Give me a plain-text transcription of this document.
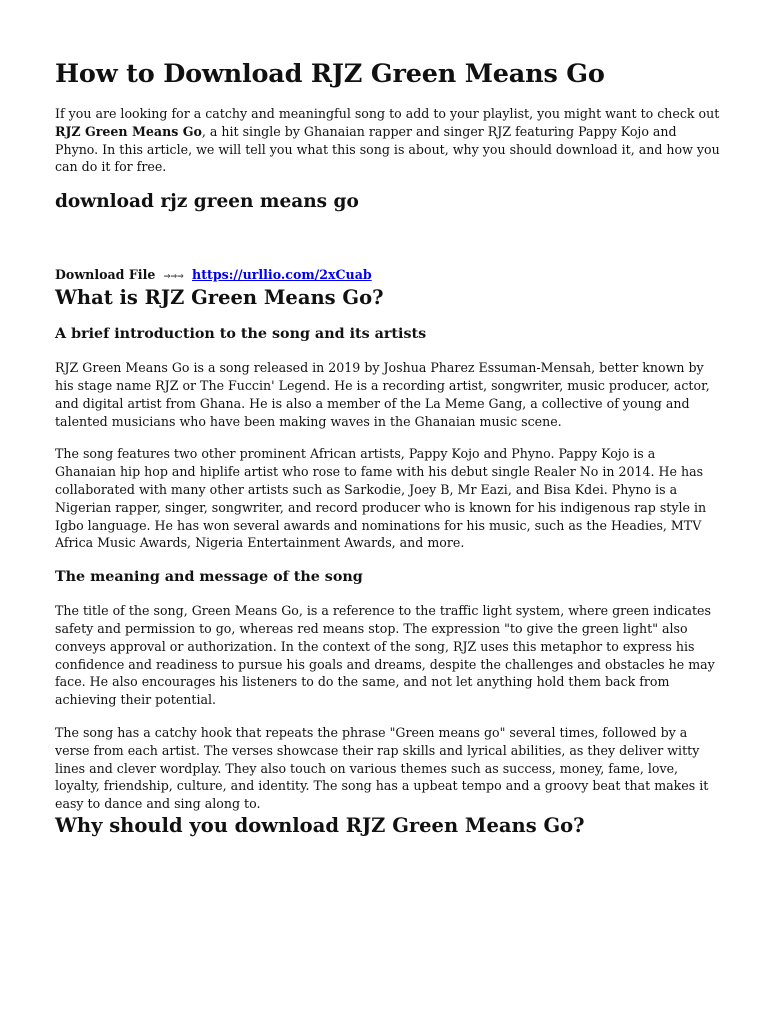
How to Download RJZ Green Means Go

If you are looking for a catchy and meaningful song to add to your playlist, you might want to check out RJZ Green Means Go, a hit single by Ghanaian rapper and singer RJZ featuring Pappy Kojo and Phyno. In this article, we will tell you what this song is about, why you should download it, and how you can do it for free.

download rjz green means go
Download File ⇒⇒⇒ https://urllio.com/2xCuab
What is RJZ Green Means Go?
A brief introduction to the song and its artists

RJZ Green Means Go is a song released in 2019 by Joshua Pharez Essuman-Mensah, better known by his stage name RJZ or The Fuccin' Legend. He is a recording artist, songwriter, music producer, actor, and digital artist from Ghana. He is also a member of the La Meme Gang, a collective of young and talented musicians who have been making waves in the Ghanaian music scene.

The song features two other prominent African artists, Pappy Kojo and Phyno. Pappy Kojo is a Ghanaian hip hop and hiplife artist who rose to fame with his debut single Realer No in 2014. He has collaborated with many other artists such as Sarkodie, Joey B, Mr Eazi, and Bisa Kdei. Phyno is a Nigerian rapper, singer, songwriter, and record producer who is known for his indigenous rap style in Igbo language. He has won several awards and nominations for his music, such as the Headies, MTV Africa Music Awards, Nigeria Entertainment Awards, and more.

The meaning and message of the song

The title of the song, Green Means Go, is a reference to the traffic light system, where green indicates safety and permission to go, whereas red means stop. The expression "to give the green light" also conveys approval or authorization. In the context of the song, RJZ uses this metaphor to express his confidence and readiness to pursue his goals and dreams, despite the challenges and obstacles he may face. He also encourages his listeners to do the same, and not let anything hold them back from achieving their potential.

The song has a catchy hook that repeats the phrase "Green means go" several times, followed by a verse from each artist. The verses showcase their rap skills and lyrical abilities, as they deliver witty lines and clever wordplay. They also touch on various themes such as success, money, fame, love, loyalty, friendship, culture, and identity. The song has a upbeat tempo and a groovy beat that makes it easy to dance and sing along to.

Why should you download RJZ Green Means Go?
